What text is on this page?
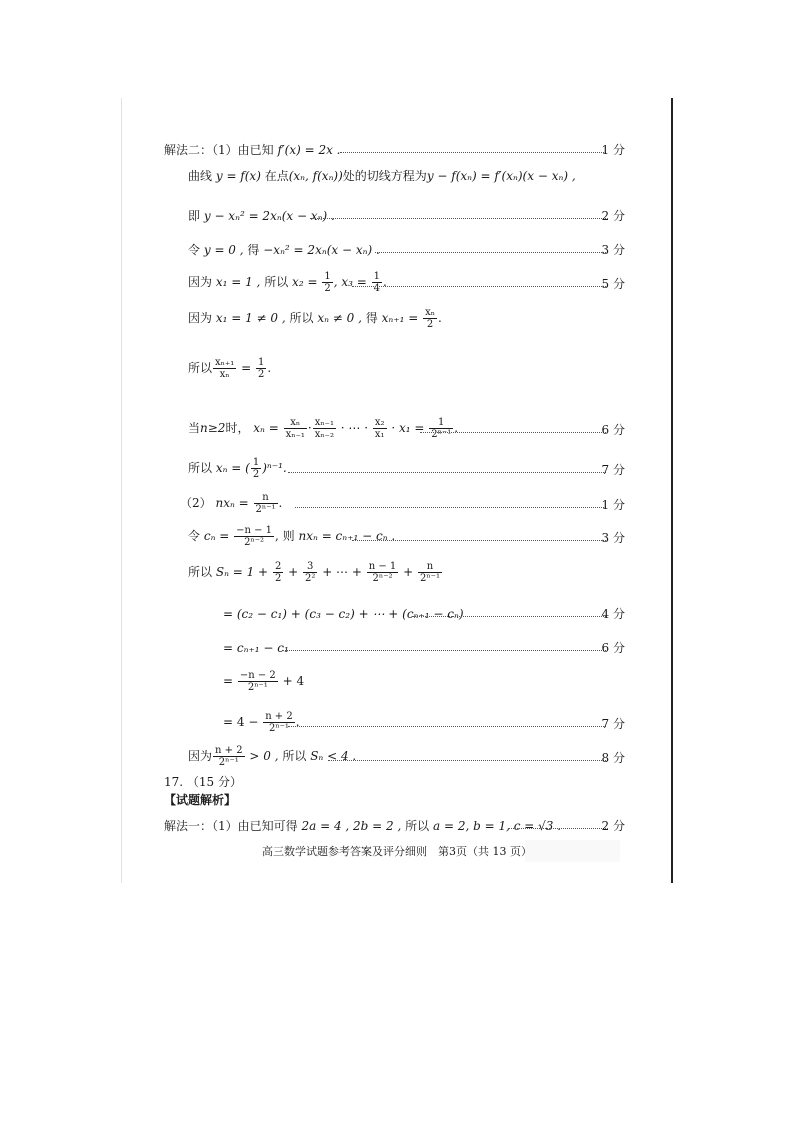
解法二：（1）由已知 f′(x) = 2x .	1 分
曲线 y = f(x) 在点(xₙ, f(xₙ))处的切线方程为y − f(xₙ) = f′(xₙ)(x − xₙ) ,
即 y − xₙ² = 2xₙ(x − xₙ) .	2 分
令 y = 0 , 得 −xₙ² = 2xₙ(x − xₙ) .	3 分
因为 x₁ = 1 , 所以 $x_2 = \frac{1}{2}$ , $x_3 = \frac{1}{4}$ .	5 分
因为 x₁ = 1 ≠ 0 , 所以 xₙ ≠ 0 , 得 $x_{n+1} = \frac{\text{xₙ}}{2}$ .
所以 $\frac{\text{xₙ₊₁}}{\text{xₙ}} = \frac{1}{2}$ .
当n≥2时， $x_n = \frac{\text{xₙ}}{\text{xₙ₋₁}} \cdot \frac{\text{xₙ₋₁}}{\text{xₙ₋₂}}$ · ⋯ · $\frac{\text{x₂}}{\text{x₁}} \cdot x_1 = \frac{1}{\text{2ⁿ⁻¹}}$ .	6 分
所以 xₙ = ( $\frac{1}{2} )^{n-1}$.	7 分
（2） $nx_n = \frac{n}{\text{2ⁿ⁻¹}}$ .	1 分
令 $c_n = \frac{-n - 1}{\text{2ⁿ⁻²}}$ , 则 nxₙ = cₙ₊₁ − cₙ .	3 分
所以 $S_n = 1 + \frac{2}{2} + \frac{3}{\text{2²}}$ + ⋯ + $\frac{n - 1}{\text{2ⁿ⁻²}} + \frac{n}{\text{2ⁿ⁻¹}}$
= (c₂ − c₁) + (c₃ − c₂) + ⋯ + (cₙ₊₁ − cₙ)	4 分
= cₙ₊₁ − c₁	6 分
= $\frac{-n - 2}{\text{2ⁿ⁻¹}} + 4$
= $4 - \frac{n + 2}{\text{2ⁿ⁻¹}}$ .	7 分
因为 $\frac{n + 2}{\text{2ⁿ⁻¹}} > 0$ , 所以 Sₙ < 4 .	8 分
17. （15 分）
【试题解析】
解法一：（1）由已知可得 2a = 4 , 2b = 2 , 所以 a = 2, b = 1, c = √3 .	2 分
高三数学试题参考答案及评分细则　第3页（共 13 页）
